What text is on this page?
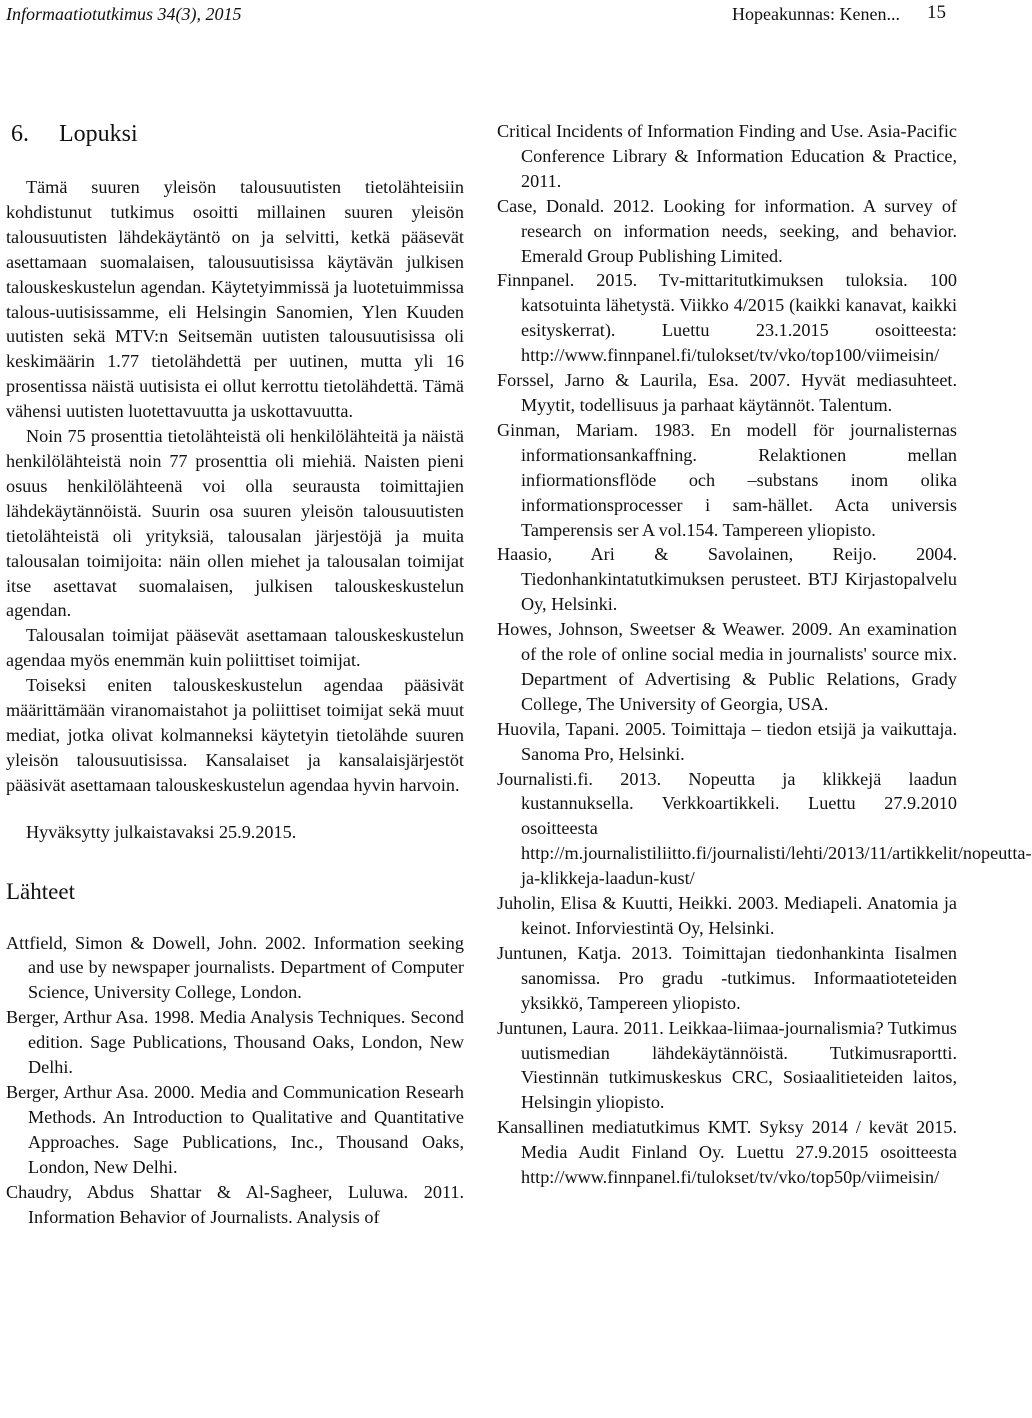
Informaatiotutkimus 34(3), 2015	Hopeakunnas: Kenen... 15
6. Lopuksi

Tämä suuren yleisön talousuutisten tietolähteisiin kohdistunut tutkimus osoitti millainen suuren yleisön talousuutisten lähdekäytäntö on ja selvitti, ketkä pääsevät asettamaan suomalaisen, talousuutisissa käytävän julkisen talouskeskustelun agendan. Käytetyimmissä ja luotetuimmissa talous-uutisissamme, eli Helsingin Sanomien, Ylen Kuuden uutisten sekä MTV:n Seitsemän uutisten talousuutisissa oli keskimäärin 1.77 tietolähdettä per uutinen, mutta yli 16 prosentissa näistä uutisista ei ollut kerrottu tietolähdettä. Tämä vähensi uutisten luotettavuutta ja uskottavuutta.

Noin 75 prosenttia tietolähteistä oli henkilölähteitä ja näistä henkilölähteistä noin 77 prosenttia oli miehiä. Naisten pieni osuus henkilölähteenä voi olla seurausta toimittajien lähdekäytännöistä. Suurin osa suuren yleisön talousuutisten tietolähteistä oli yrityksiä, talousalan järjestöjä ja muita talousalan toimijoita: näin ollen miehet ja talousalan toimijat itse asettavat suomalaisen, julkisen talouskeskustelun agendan.

Talousalan toimijat pääsevät asettamaan talouskeskustelun agendaa myös enemmän kuin poliittiset toimijat.

Toiseksi eniten talouskeskustelun agendaa pääsivät määrittämään viranomaistahot ja poliittiset toimijat sekä muut mediat, jotka olivat kolmanneksi käytetyin tietolähde suuren yleisön talousuutisissa. Kansalaiset ja kansalaisjärjestöt pääsivät asettamaan talouskeskustelun agendaa hyvin harvoin.

Hyväksytty julkaistavaksi 25.9.2015.

Lähteet

Attfield, Simon & Dowell, John. 2002. Information seeking and use by newspaper journalists. Department of Computer Science, University College, London.

Berger, Arthur Asa. 1998. Media Analysis Techniques. Second edition. Sage Publications, Thousand Oaks, London, New Delhi.

Berger, Arthur Asa. 2000. Media and Communication Researh Methods. An Introduction to Qualitative and Quantitative Approaches. Sage Publications, Inc., Thousand Oaks, London, New Delhi.

Chaudry, Abdus Shattar & Al-Sagheer, Luluwa. 2011. Information Behavior of Journalists. Analysis of

Critical Incidents of Information Finding and Use. Asia-Pacific Conference Library & Information Education & Practice, 2011.

Case, Donald. 2012. Looking for information. A survey of research on information needs, seeking, and behavior. Emerald Group Publishing Limited.

Finnpanel. 2015. Tv-mittaritutkimuksen tuloksia. 100 katsotuinta lähetystä. Viikko 4/2015 (kaikki kanavat, kaikki esityskerrat). Luettu 23.1.2015 osoitteesta: http://www.finnpanel.fi/tulokset/tv/vko/top100/viimeisin/

Forssel, Jarno & Laurila, Esa. 2007. Hyvät mediasuhteet. Myytit, todellisuus ja parhaat käytännöt. Talentum.

Ginman, Mariam. 1983. En modell för journalisternas informationsankaffning. Relaktionen mellan infiormationsflöde och –substans inom olika informationsprocesser i sam-hället. Acta universis Tamperensis ser A vol.154. Tampereen yliopisto.

Haasio, Ari & Savolainen, Reijo. 2004. Tiedonhankintatutkimuksen perusteet. BTJ Kirjastopalvelu Oy, Helsinki.

Howes, Johnson, Sweetser & Weawer. 2009. An examination of the role of online social media in journalists' source mix. Department of Advertising & Public Relations, Grady College, The University of Georgia, USA.

Huovila, Tapani. 2005. Toimittaja – tiedon etsijä ja vaikuttaja. Sanoma Pro, Helsinki.

Journalisti.fi. 2013. Nopeutta ja klikkejä laadun kustannuksella. Verkkoartikkeli. Luettu 27.9.2010 osoitteesta http://m.journalistiliitto.fi/journalisti/lehti/2013/11/artikkelit/nopeutta-ja-klikkeja-laadun-kust/

Juholin, Elisa & Kuutti, Heikki. 2003. Mediapeli. Anatomia ja keinot. Inforviestintä Oy, Helsinki.

Juntunen, Katja. 2013. Toimittajan tiedonhankinta Iisalmen sanomissa. Pro gradu -tutkimus. Informaatioteteiden yksikkö, Tampereen yliopisto.

Juntunen, Laura. 2011. Leikkaa-liimaa-journalismia? Tutkimus uutismedian lähdekäytännöistä. Tutkimusraportti. Viestinnän tutkimuskeskus CRC, Sosiaalitieteiden laitos, Helsingin yliopisto.

Kansallinen mediatutkimus KMT. Syksy 2014 / kevät 2015. Media Audit Finland Oy. Luettu 27.9.2015 osoitteesta http://www.finnpanel.fi/tulokset/tv/vko/top50p/viimeisin/
